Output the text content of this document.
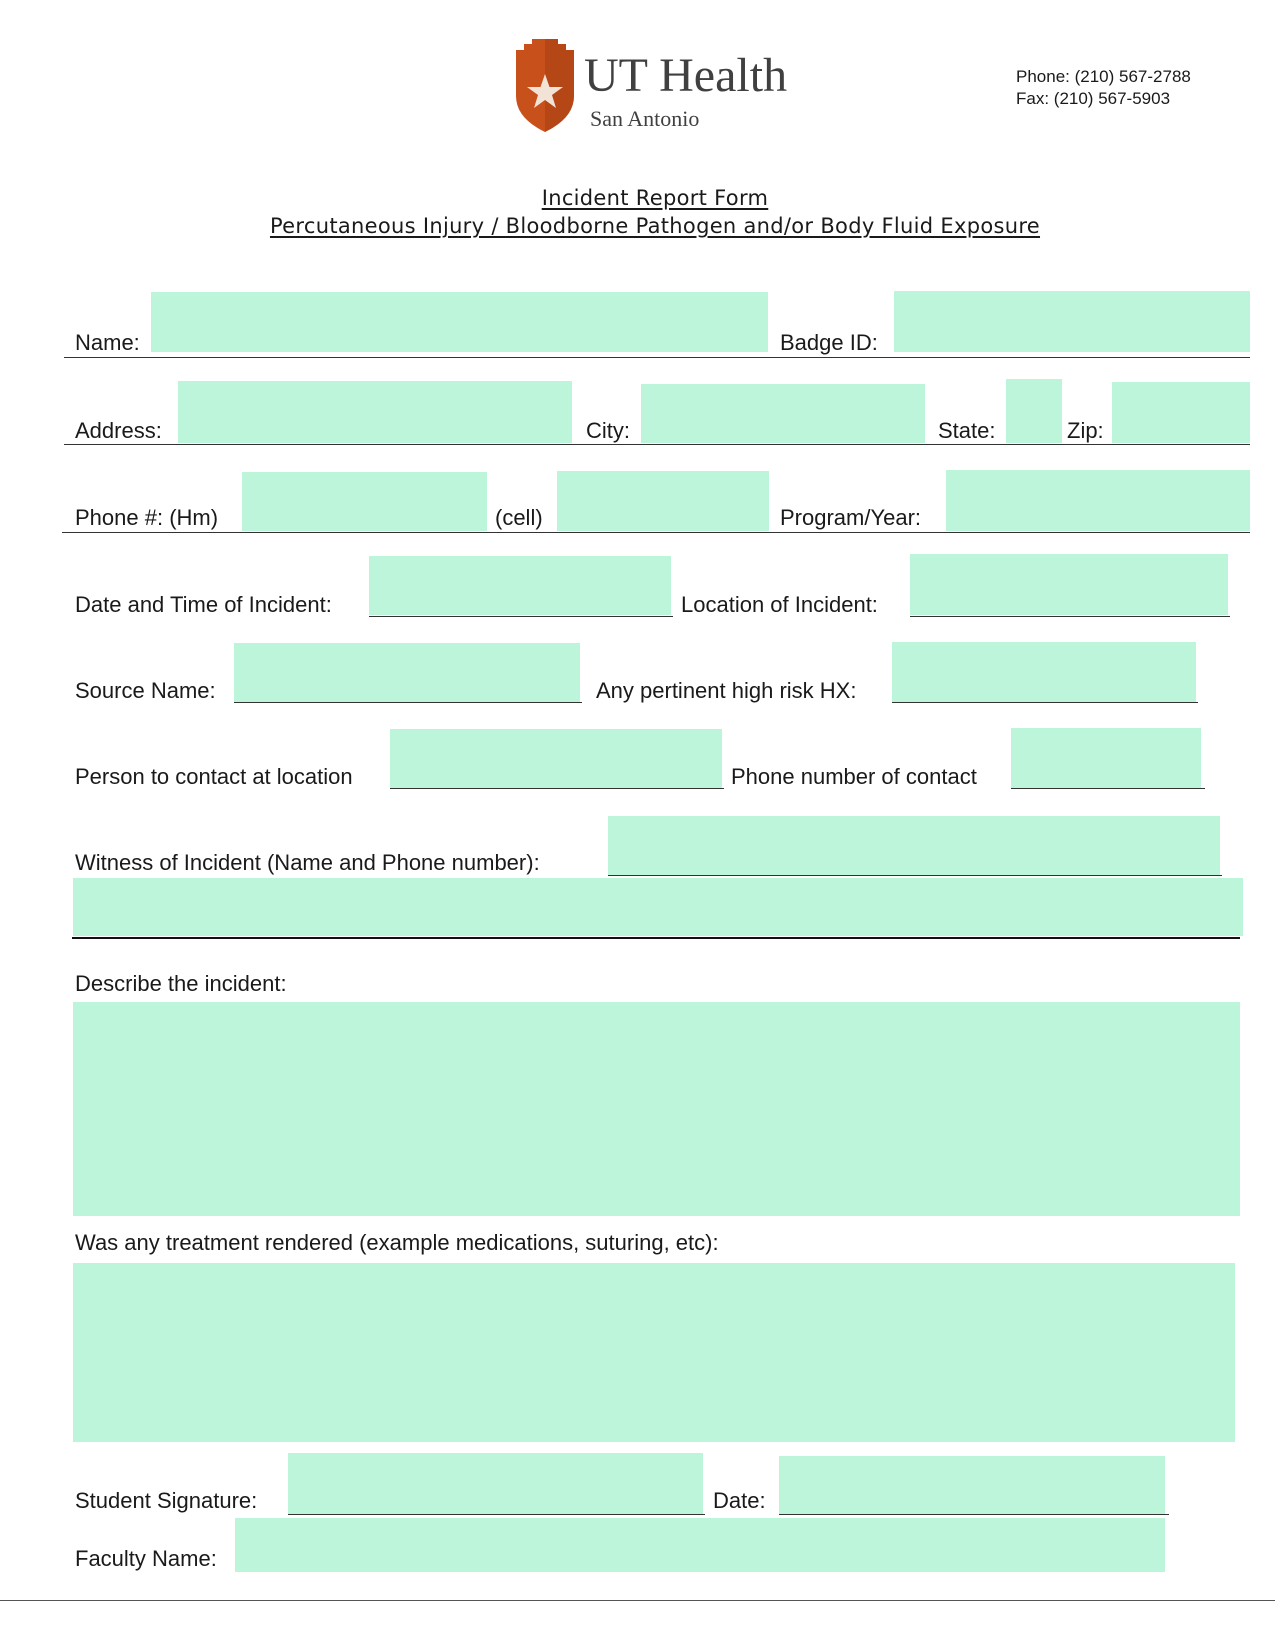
UT Health
San Antonio
Phone: (210) 567-2788
Fax: (210) 567-5903
Incident Report Form
Percutaneous Injury / Bloodborne Pathogen and/or Body Fluid Exposure
Name:	Badge ID:
Address:	City:	State:	Zip:
Phone #: (Hm)	(cell)	Program/Year:
Date and Time of Incident:	Location of Incident:
Source Name:	Any pertinent high risk HX:
Person to contact at location	Phone number of contact
Witness of Incident (Name and Phone number):
Describe the incident:
Was any treatment rendered (example medications, suturing, etc):
Student Signature:	Date:
Faculty Name:
